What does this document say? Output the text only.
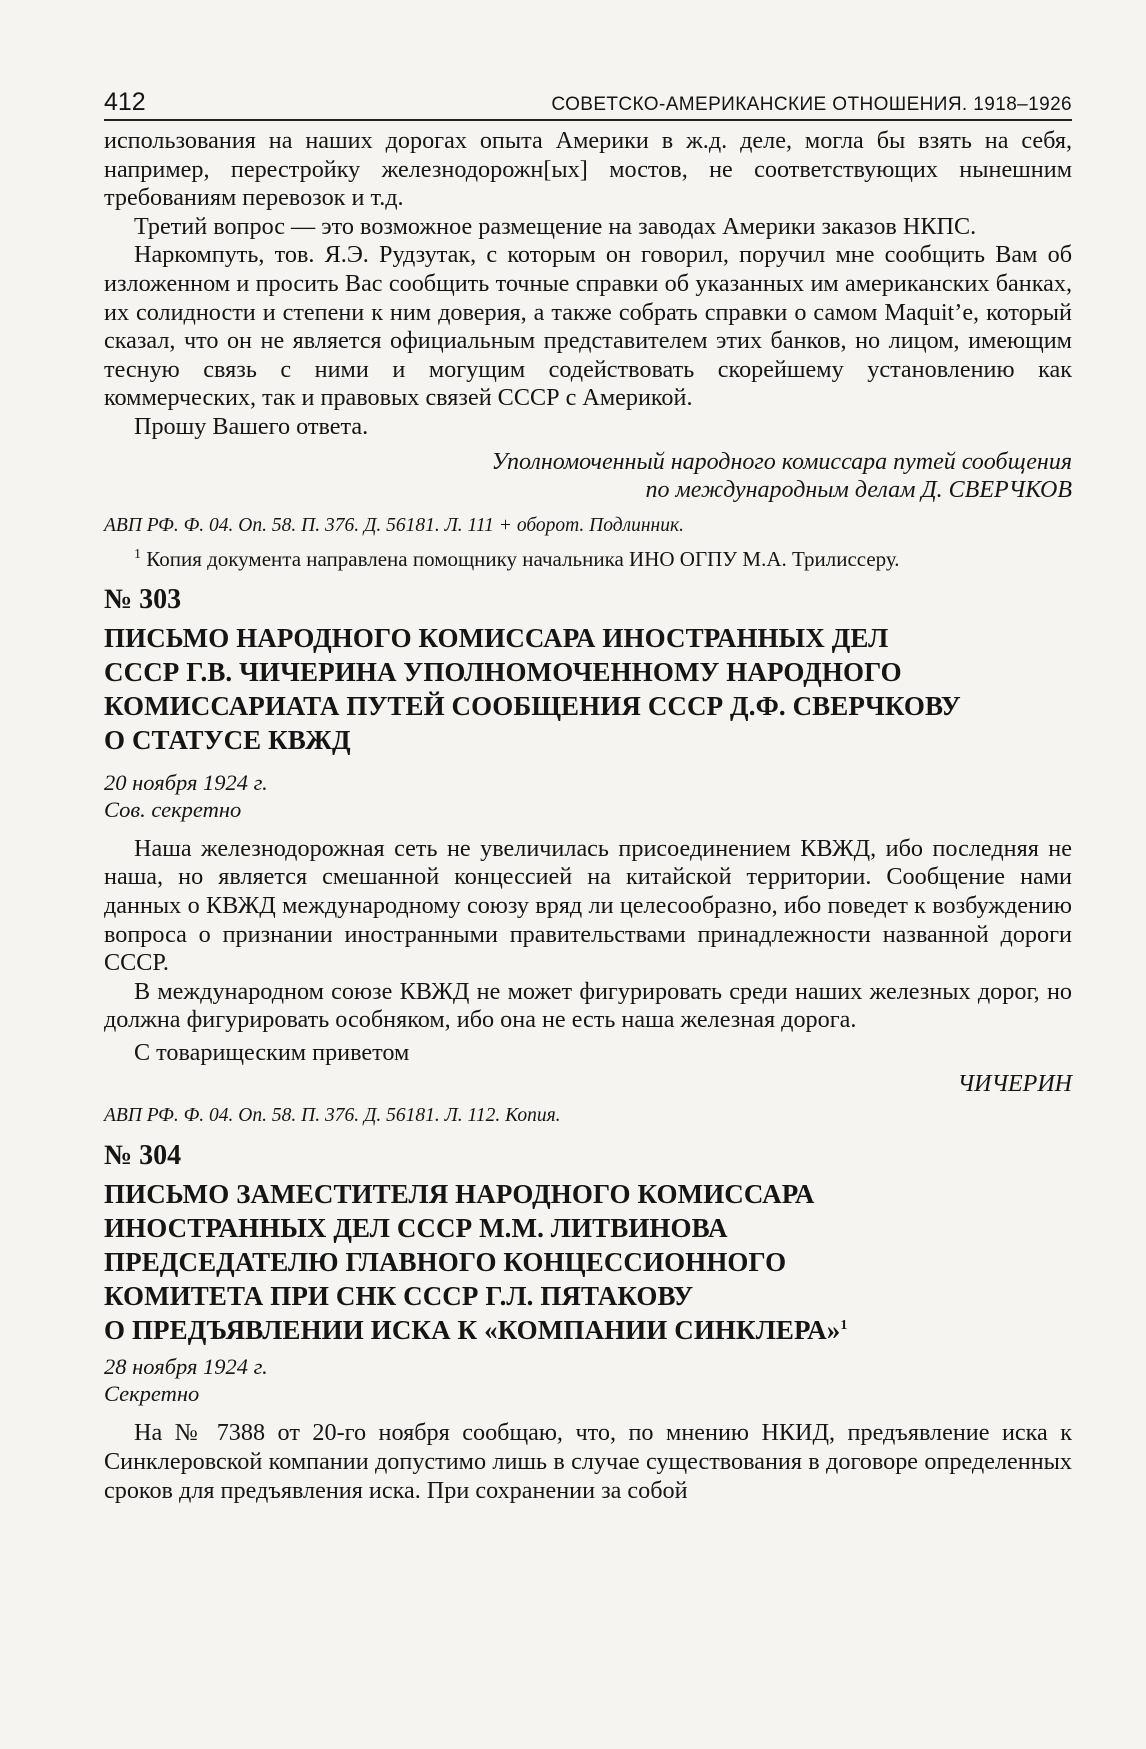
412	СОВЕТСКО-АМЕРИКАНСКИЕ ОТНОШЕНИЯ. 1918–1926

использования на наших дорогах опыта Америки в ж.д. деле, могла бы взять на себя, например, перестройку железнодорожн[ых] мостов, не соответствующих нынешним требованиям перевозок и т.д.

Третий вопрос — это возможное размещение на заводах Америки заказов НКПС.

Наркомпуть, тов. Я.Э. Рудзутак, с которым он говорил, поручил мне сообщить Вам об изложенном и просить Вас сообщить точные справки об указанных им американских банках, их солидности и степени к ним доверия, а также собрать справки о самом Maquit’e, который сказал, что он не является официальным представителем этих банков, но лицом, имеющим тесную связь с ними и могущим содействовать скорейшему установлению как коммерческих, так и правовых связей СССР с Америкой.

Прошу Вашего ответа.

Уполномоченный народного комиссара путей сообщения

по международным делам Д. СВЕРЧКОВ

АВП РФ. Ф. 04. Оп. 58. П. 376. Д. 56181. Л. 111 + оборот. Подлинник.

$^1$ Копия документа направлена помощнику начальника ИНО ОГПУ М.А. Трилиссеру.

№ 303

ПИСЬМО НАРОДНОГО КОМИССАРА ИНОСТРАННЫХ ДЕЛ

СССР Г.В. ЧИЧЕРИНА УПОЛНОМОЧЕННОМУ НАРОДНОГО

КОМИССАРИАТА ПУТЕЙ СООБЩЕНИЯ СССР Д.Ф. СВЕРЧКОВУ

О СТАТУСЕ КВЖД

20 ноября 1924 г.

Сов. секретно

Наша железнодорожная сеть не увеличилась присоединением КВЖД, ибо последняя не наша, но является смешанной концессией на китайской территории. Сообщение нами данных о КВЖД международному союзу вряд ли целесообразно, ибо поведет к возбуждению вопроса о признании иностранными правительствами принадлежности названной дороги СССР.

В международном союзе КВЖД не может фигурировать среди наших железных дорог, но должна фигурировать особняком, ибо она не есть наша железная дорога.

С товарищеским приветом

ЧИЧЕРИН

АВП РФ. Ф. 04. Оп. 58. П. 376. Д. 56181. Л. 112. Копия.

№ 304

ПИСЬМО ЗАМЕСТИТЕЛЯ НАРОДНОГО КОМИССАРА

ИНОСТРАННЫХ ДЕЛ СССР М.М. ЛИТВИНОВА

ПРЕДСЕДАТЕЛЮ ГЛАВНОГО КОНЦЕССИОННОГО

КОМИТЕТА ПРИ СНК СССР Г.Л. ПЯТАКОВУ

О ПРЕДЪЯВЛЕНИИ ИСКА К «КОМПАНИИ СИНКЛЕРА»$^1$

28 ноября 1924 г.

Секретно

На № 7388 от 20-го ноября сообщаю, что, по мнению НКИД, предъявление иска к Синклеровской компании допустимо лишь в случае существования в договоре определенных сроков для предъявления иска. При сохранении за собой
